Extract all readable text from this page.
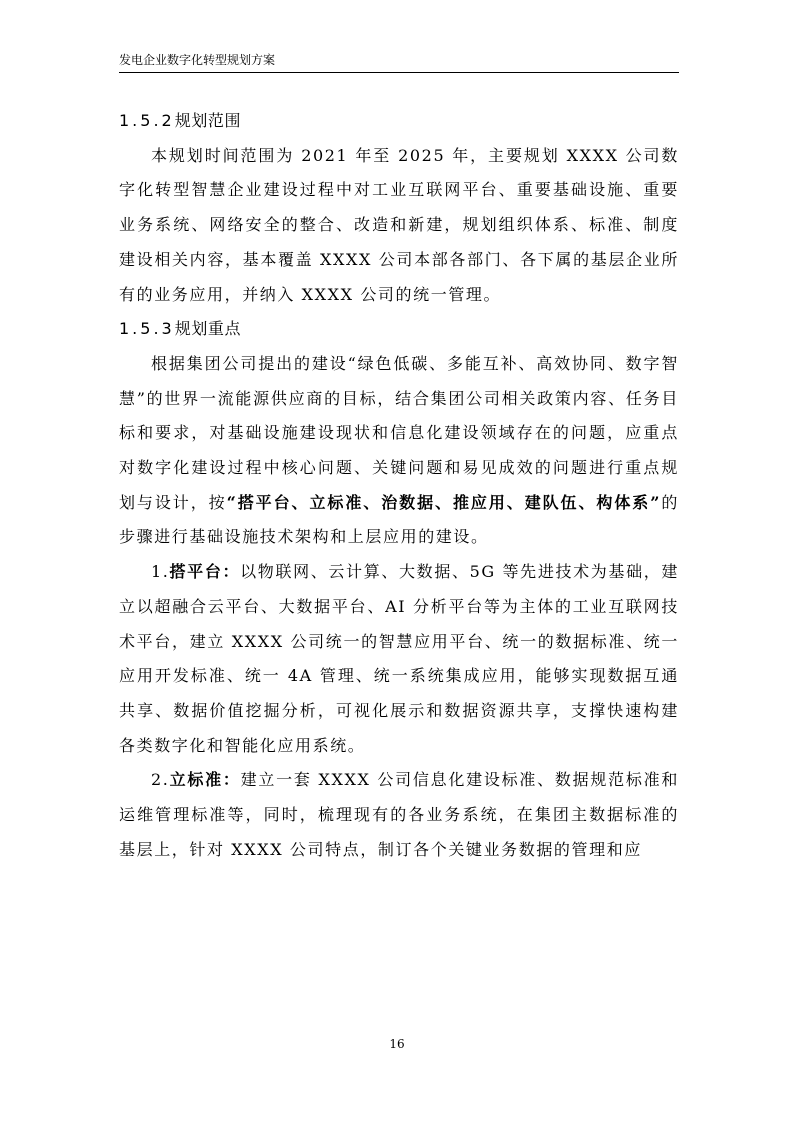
发电企业数字化转型规划方案

1.5.2规划范围

本规划时间范围为 2021 年至 2025 年，主要规划 XXXX 公司数字化转型智慧企业建设过程中对工业互联网平台、重要基础设施、重要业务系统、网络安全的整合、改造和新建，规划组织体系、标准、制度建设相关内容，基本覆盖 XXXX 公司本部各部门、各下属的基层企业所有的业务应用，并纳入 XXXX 公司的统一管理。

1.5.3规划重点

根据集团公司提出的建设“绿色低碳、多能互补、高效协同、数字智慧”的世界一流能源供应商的目标，结合集团公司相关政策内容、任务目标和要求，对基础设施建设现状和信息化建设领域存在的问题，应重点对数字化建设过程中核心问题、关键问题和易见成效的问题进行重点规划与设计，按“搭平台、立标准、治数据、推应用、建队伍、构体系”的步骤进行基础设施技术架构和上层应用的建设。

1.搭平台：以物联网、云计算、大数据、5G 等先进技术为基础，建立以超融合云平台、大数据平台、AI 分析平台等为主体的工业互联网技术平台，建立 XXXX 公司统一的智慧应用平台、统一的数据标准、统一应用开发标准、统一 4A 管理、统一系统集成应用，能够实现数据互通共享、数据价值挖掘分析，可视化展示和数据资源共享，支撑快速构建各类数字化和智能化应用系统。

2.立标准：建立一套 XXXX 公司信息化建设标准、数据规范标准和运维管理标准等，同时，梳理现有的各业务系统，在集团主数据标准的基层上，针对 XXXX 公司特点，制订各个关键业务数据的管理和应

16
